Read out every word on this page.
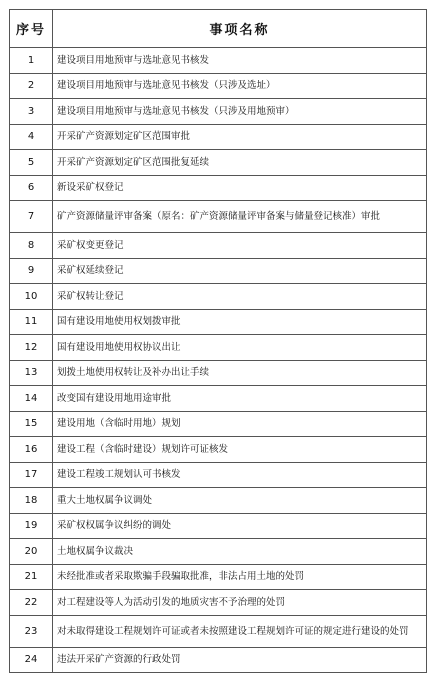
序号	事项名称
1	建设项目用地预审与选址意见书核发
2	建设项目用地预审与选址意见书核发（只涉及选址）
3	建设项目用地预审与选址意见书核发（只涉及用地预审）
4	开采矿产资源划定矿区范围审批
5	开采矿产资源划定矿区范围批复延续
6	新设采矿权登记
7	矿产资源储量评审备案（原名：矿产资源储量评审备案与储量登记核准）审批
8	采矿权变更登记
9	采矿权延续登记
10	采矿权转让登记
11	国有建设用地使用权划拨审批
12	国有建设用地使用权协议出让
13	划拨土地使用权转让及补办出让手续
14	改变国有建设用地用途审批
15	建设用地（含临时用地）规划
16	建设工程（含临时建设）规划许可证核发
17	建设工程竣工规划认可书核发
18	重大土地权属争议调处
19	采矿权权属争议纠纷的调处
20	土地权属争议裁决
21	未经批准或者采取欺骗手段骗取批准，非法占用土地的处罚
22	对工程建设等人为活动引发的地质灾害不予治理的处罚
23	对未取得建设工程规划许可证或者未按照建设工程规划许可证的规定进行建设的处罚
24	违法开采矿产资源的行政处罚
